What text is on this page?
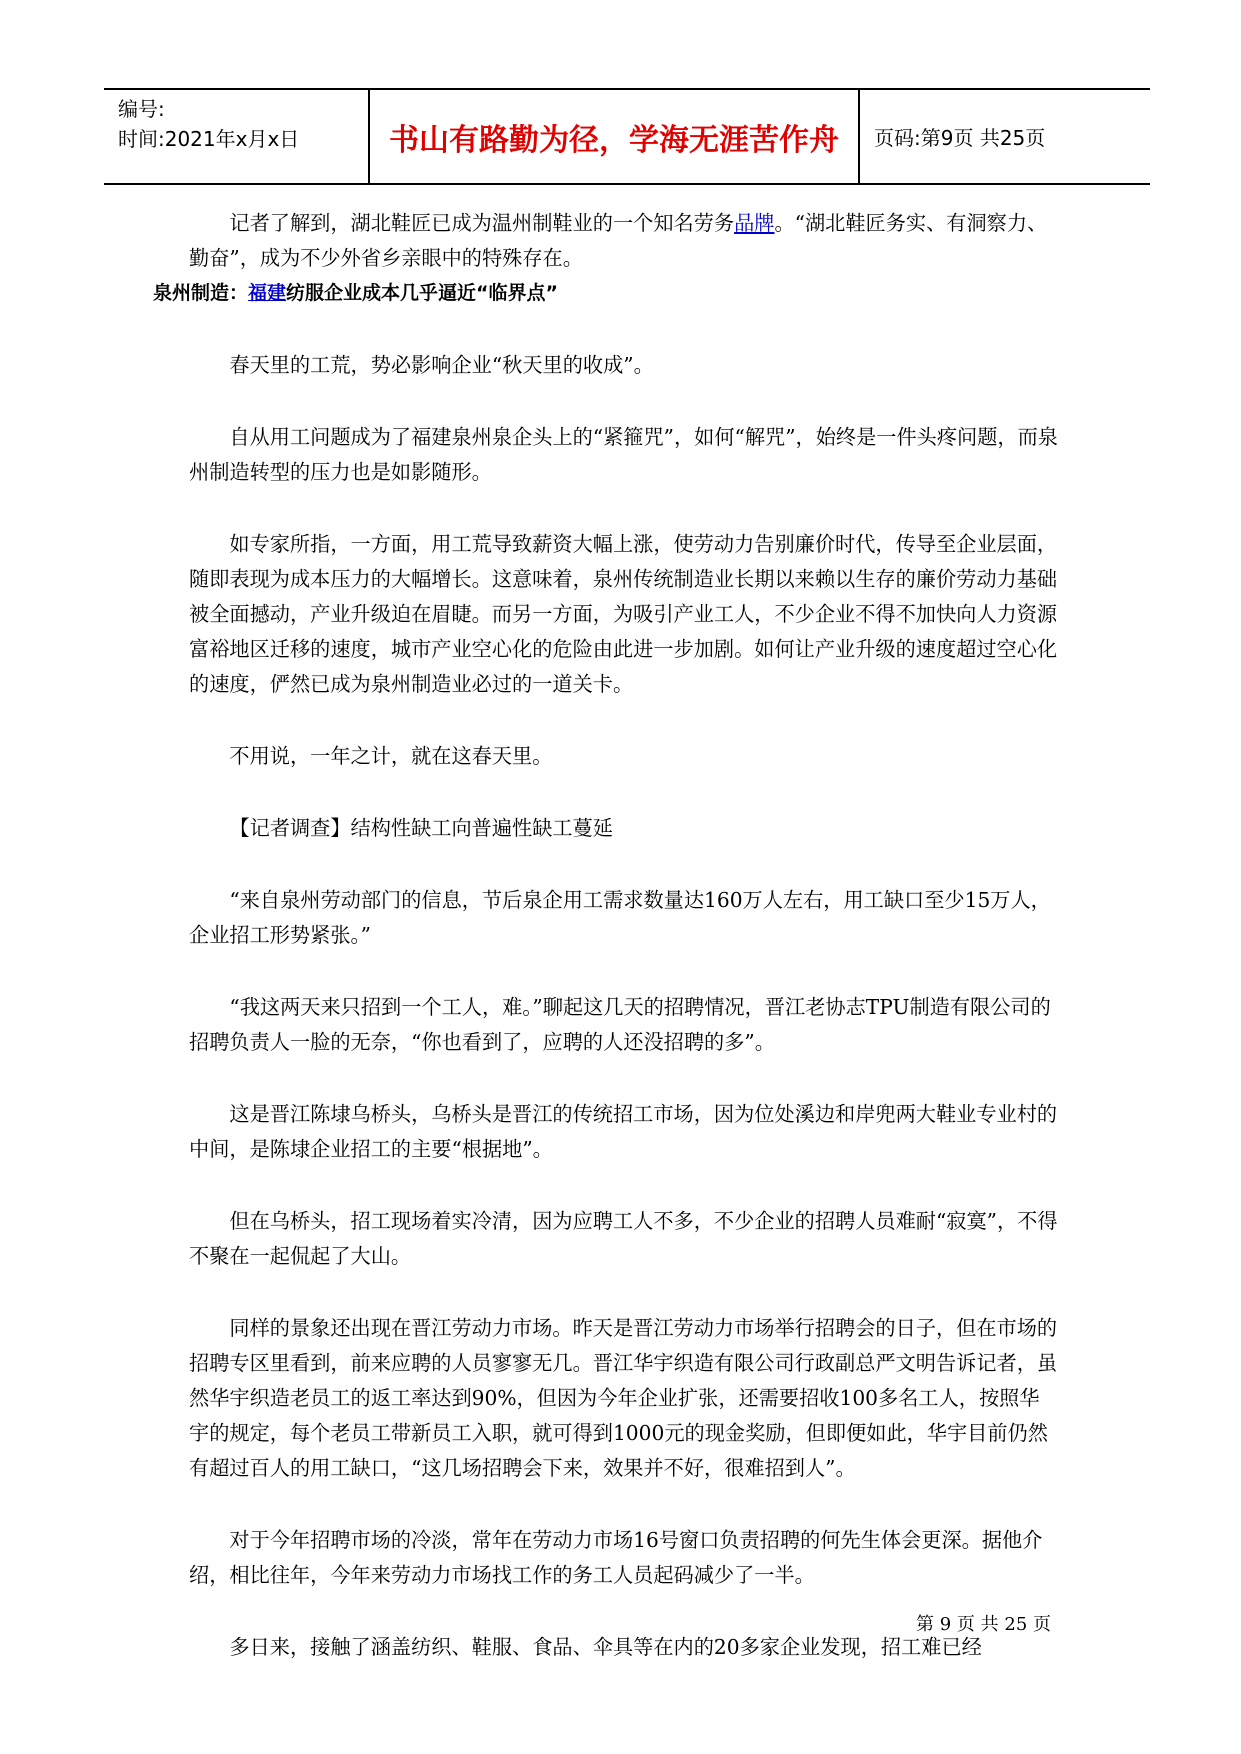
编号:
时间:2021年x月x日	书山有路勤为径，学海无涯苦作舟	页码:第9页 共25页

记者了解到，湖北鞋匠已成为温州制鞋业的一个知名劳务品牌。“湖北鞋匠务实、有洞察力、勤奋”，成为不少外省乡亲眼中的特殊存在。

泉州制造：福建纺服企业成本几乎逼近“临界点”

春天里的工荒，势必影响企业“秋天里的收成”。

自从用工问题成为了福建泉州泉企头上的“紧箍咒”，如何“解咒”，始终是一件头疼问题，而泉州制造转型的压力也是如影随形。

如专家所指，一方面，用工荒导致薪资大幅上涨，使劳动力告别廉价时代，传导至企业层面，随即表现为成本压力的大幅增长。这意味着，泉州传统制造业长期以来赖以生存的廉价劳动力基础被全面撼动，产业升级迫在眉睫。而另一方面，为吸引产业工人，不少企业不得不加快向人力资源富裕地区迁移的速度，城市产业空心化的危险由此进一步加剧。如何让产业升级的速度超过空心化的速度，俨然已成为泉州制造业必过的一道关卡。

不用说，一年之计，就在这春天里。

【记者调查】结构性缺工向普遍性缺工蔓延

“来自泉州劳动部门的信息，节后泉企用工需求数量达160万人左右，用工缺口至少15万人，企业招工形势紧张。”

“我这两天来只招到一个工人，难。”聊起这几天的招聘情况，晋江老协志TPU制造有限公司的招聘负责人一脸的无奈，“你也看到了，应聘的人还没招聘的多”。

这是晋江陈埭乌桥头，乌桥头是晋江的传统招工市场，因为位处溪边和岸兜两大鞋业专业村的中间，是陈埭企业招工的主要“根据地”。

但在乌桥头，招工现场着实冷清，因为应聘工人不多，不少企业的招聘人员难耐“寂寞”，不得不聚在一起侃起了大山。

同样的景象还出现在晋江劳动力市场。昨天是晋江劳动力市场举行招聘会的日子，但在市场的招聘专区里看到，前来应聘的人员寥寥无几。晋江华宇织造有限公司行政副总严文明告诉记者，虽然华宇织造老员工的返工率达到90%，但因为今年企业扩张，还需要招收100多名工人，按照华宇的规定，每个老员工带新员工入职，就可得到1000元的现金奖励，但即便如此，华宇目前仍然有超过百人的用工缺口，“这几场招聘会下来，效果并不好，很难招到人”。

对于今年招聘市场的冷淡，常年在劳动力市场16号窗口负责招聘的何先生体会更深。据他介绍，相比往年，今年来劳动力市场找工作的务工人员起码减少了一半。

多日来，接触了涵盖纺织、鞋服、食品、伞具等在内的20多家企业发现，招工难已经

第 9 页 共 25 页
